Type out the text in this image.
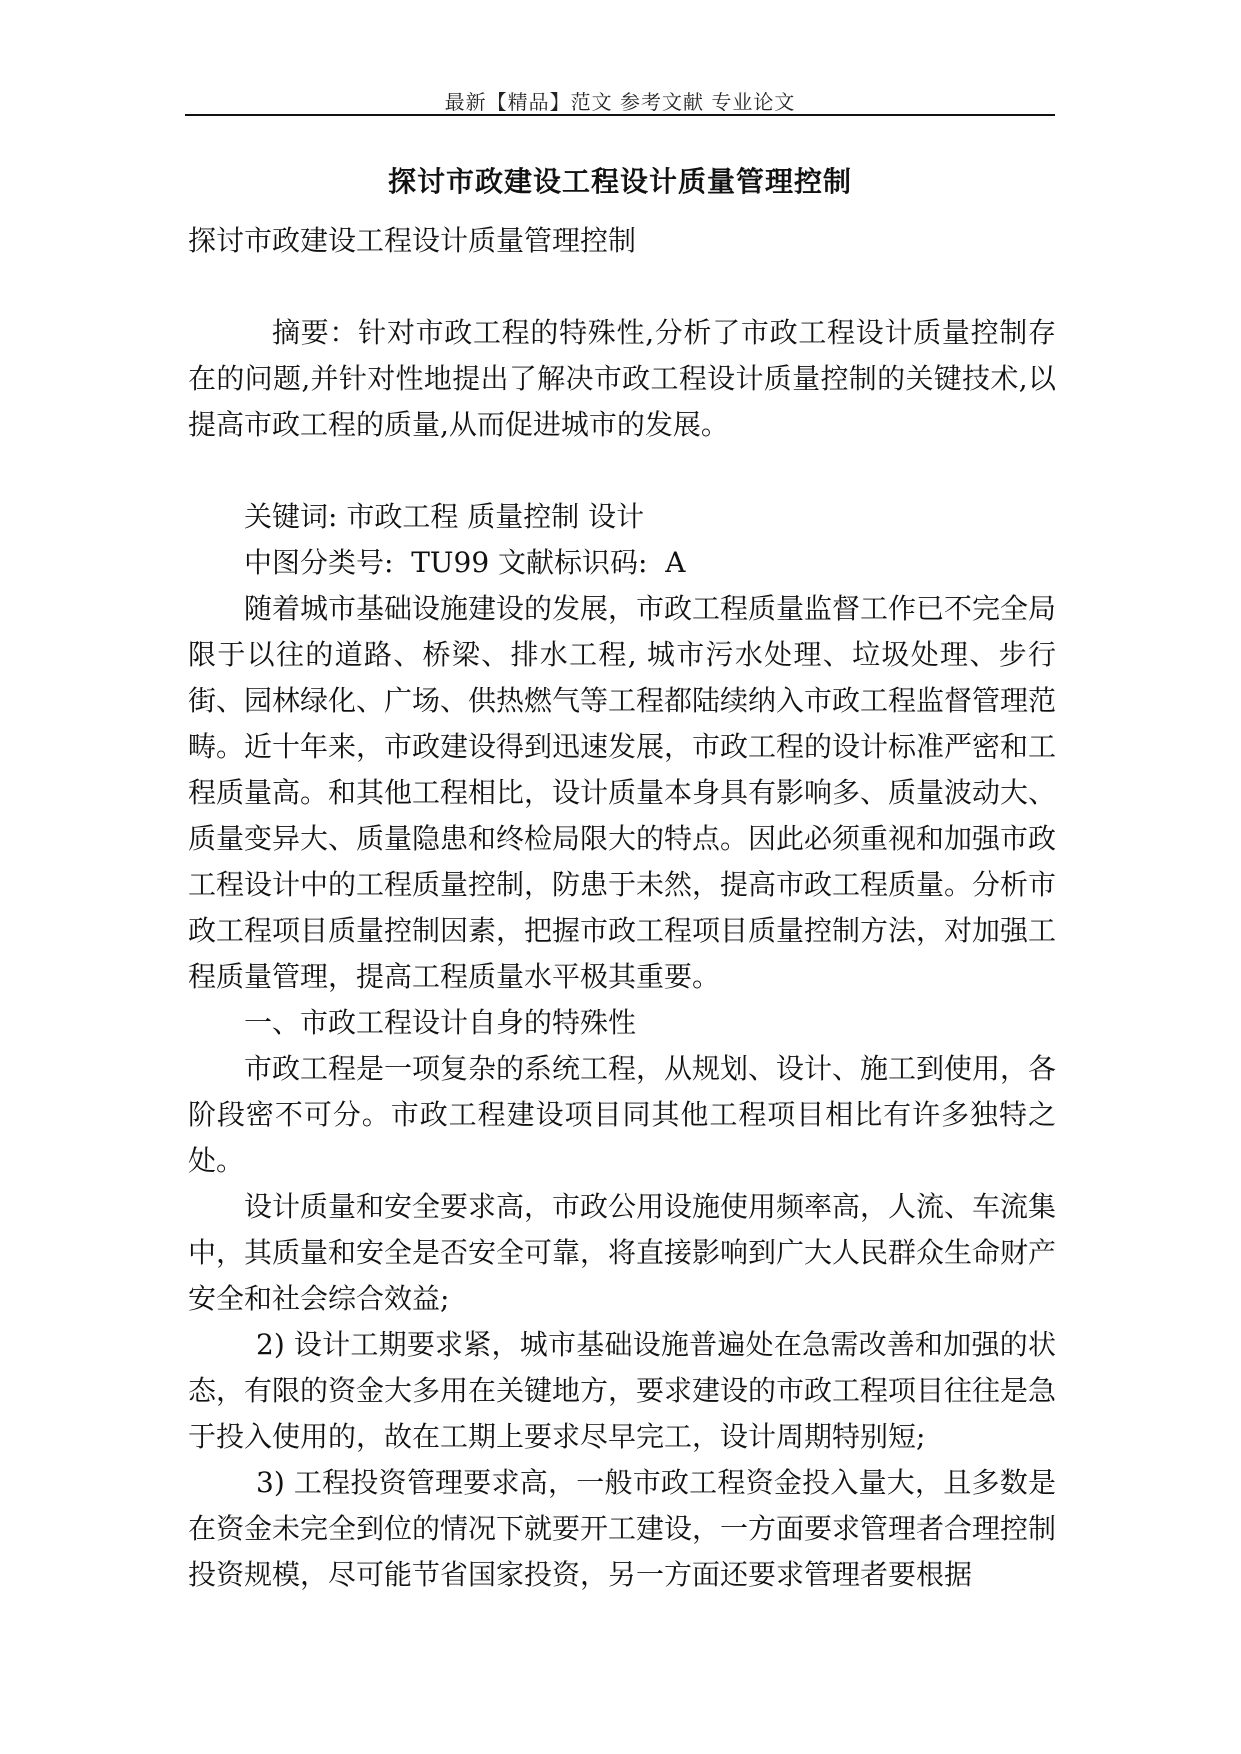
最新【精品】范文 参考文献 专业论文
探讨市政建设工程设计质量管理控制

探讨市政建设工程设计质量管理控制

摘要：针对市政工程的特殊性,分析了市政工程设计质量控制存在的问题,并针对性地提出了解决市政工程设计质量控制的关键技术,以提高市政工程的质量,从而促进城市的发展。

关键词: 市政工程 质量控制 设计

中图分类号:  TU99 文献标识码:  A

随着城市基础设施建设的发展，市政工程质量监督工作已不完全局限于以往的道路、桥梁、排水工程, 城市污水处理、垃圾处理、步行街、园林绿化、广场、供热燃气等工程都陆续纳入市政工程监督管理范畴。近十年来，市政建设得到迅速发展，市政工程的设计标准严密和工程质量高。和其他工程相比，设计质量本身具有影响多、质量波动大、质量变异大、质量隐患和终检局限大的特点。因此必须重视和加强市政工程设计中的工程质量控制，防患于未然，提高市政工程质量。分析市政工程项目质量控制因素，把握市政工程项目质量控制方法，对加强工程质量管理，提高工程质量水平极其重要。

一、市政工程设计自身的特殊性

市政工程是一项复杂的系统工程，从规划、设计、施工到使用，各阶段密不可分。市政工程建设项目同其他工程项目相比有许多独特之处。

设计质量和安全要求高，市政公用设施使用频率高，人流、车流集中，其质量和安全是否安全可靠，将直接影响到广大人民群众生命财产安全和社会综合效益;

2) 设计工期要求紧，城市基础设施普遍处在急需改善和加强的状态，有限的资金大多用在关键地方，要求建设的市政工程项目往往是急于投入使用的，故在工期上要求尽早完工，设计周期特别短;

3) 工程投资管理要求高，一般市政工程资金投入量大，且多数是在资金未完全到位的情况下就要开工建设，一方面要求管理者合理控制投资规模，尽可能节省国家投资，另一方面还要求管理者要根据
